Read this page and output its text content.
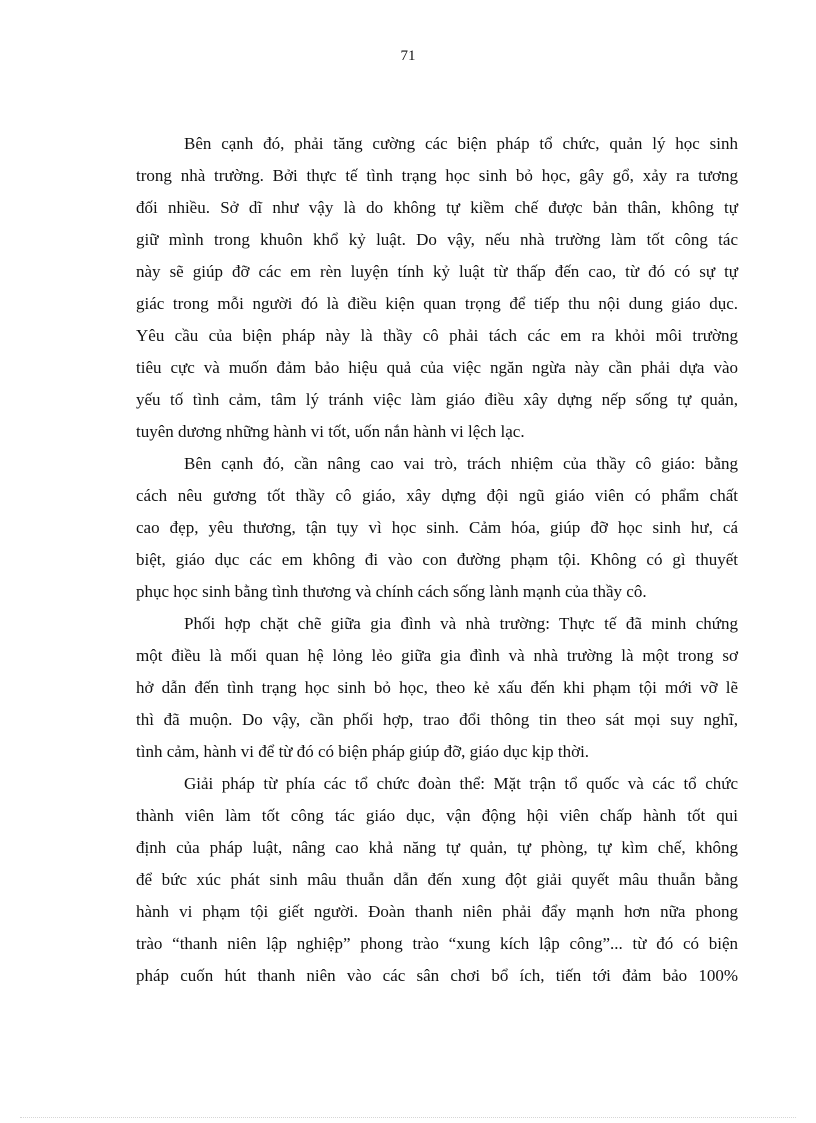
71

Bên cạnh đó, phải tăng cường các biện pháp tổ chức, quản lý học sinh
trong nhà trường. Bởi thực tế tình trạng học sinh bỏ học, gây gổ, xảy ra tương
đối nhiều. Sở dĩ như vậy là do không tự kiềm chế được bản thân, không tự
giữ mình trong khuôn khổ kỷ luật. Do vậy, nếu nhà trường làm tốt công tác
này sẽ giúp đỡ các em rèn luyện tính kỷ luật từ thấp đến cao, từ đó có sự tự
giác trong mỗi người đó là điều kiện quan trọng để tiếp thu nội dung giáo dục.
Yêu cầu của biện pháp này là thầy cô phải tách các em ra khỏi môi trường
tiêu cực và muốn đảm bảo hiệu quả của việc ngăn ngừa này cần phải dựa vào
yếu tố tình cảm, tâm lý tránh việc làm giáo điều xây dựng nếp sống tự quản,
tuyên dương những hành vi tốt, uốn nắn hành vi lệch lạc.

Bên cạnh đó, cần nâng cao vai trò, trách nhiệm của thầy cô giáo: bằng
cách nêu gương tốt thầy cô giáo, xây dựng đội ngũ giáo viên có phẩm chất
cao đẹp, yêu thương, tận tụy vì học sinh. Cảm hóa, giúp đỡ học sinh hư, cá
biệt, giáo dục các em không đi vào con đường phạm tội. Không có gì thuyết
phục học sinh bằng tình thương và chính cách sống lành mạnh của thầy cô.

Phối hợp chặt chẽ giữa gia đình và nhà trường: Thực tế đã minh chứng
một điều là mối quan hệ lỏng lẻo giữa gia đình và nhà trường là một trong sơ
hở dẫn đến tình trạng học sinh bỏ học, theo kẻ xấu đến khi phạm tội mới vỡ lẽ
thì đã muộn. Do vậy, cần phối hợp, trao đổi thông tin theo sát mọi suy nghĩ,
tình cảm, hành vi để từ đó có biện pháp giúp đỡ, giáo dục kịp thời.

Giải pháp từ phía các tổ chức đoàn thể: Mặt trận tổ quốc và các tổ chức
thành viên làm tốt công tác giáo dục, vận động hội viên chấp hành tốt qui
định của pháp luật, nâng cao khả năng tự quản, tự phòng, tự kìm chế, không
để bức xúc phát sinh mâu thuẫn dẫn đến xung đột giải quyết mâu thuẫn bằng
hành vi phạm tội giết người. Đoàn thanh niên phải đẩy mạnh hơn nữa phong
trào “thanh niên lập nghiệp” phong trào “xung kích lập công”... từ đó có biện
pháp cuốn hút thanh niên vào các sân chơi bổ ích, tiến tới đảm bảo 100%
